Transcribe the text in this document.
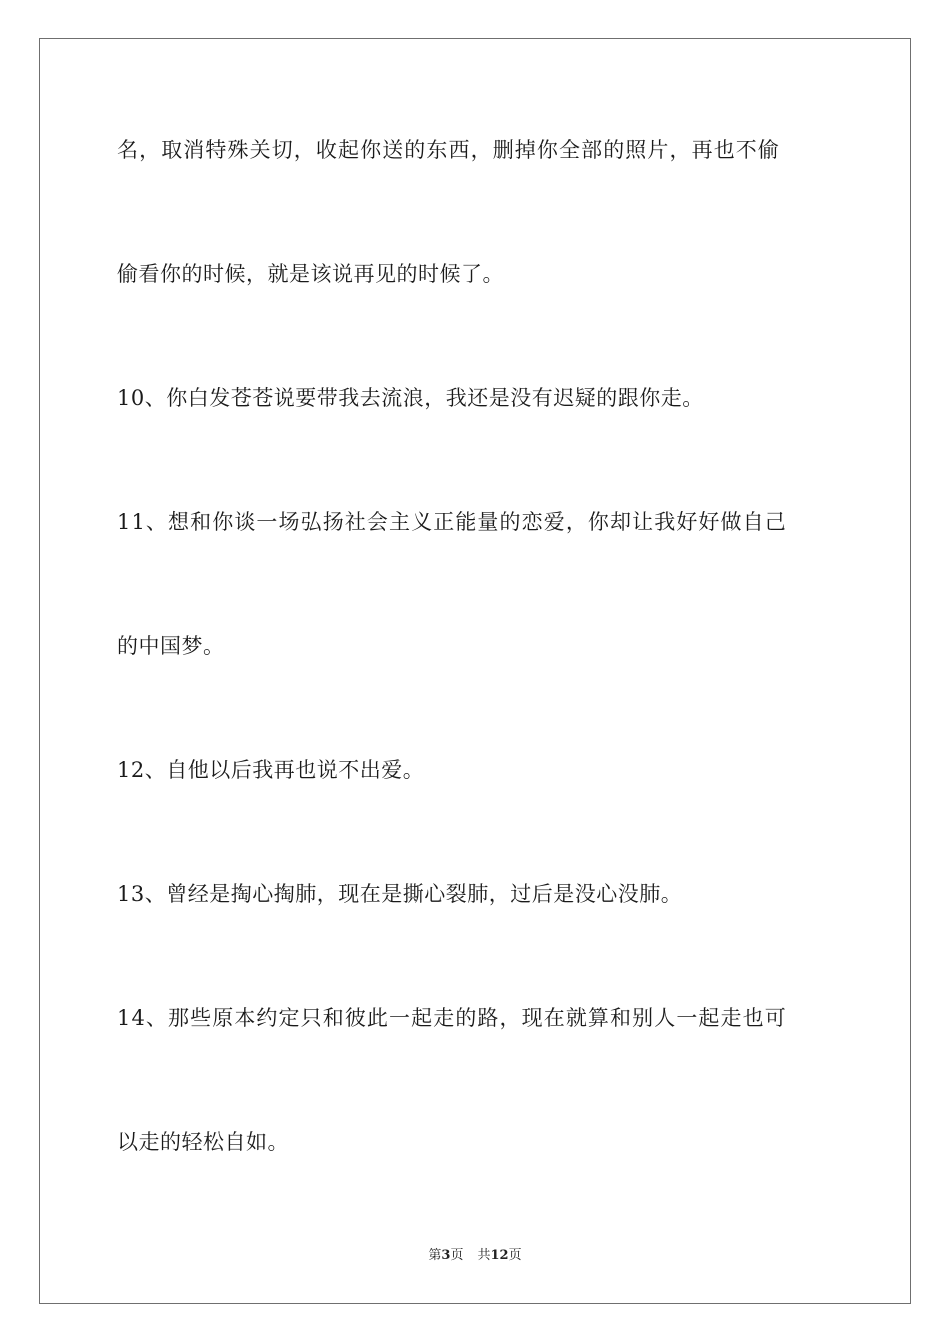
名，取消特殊关切，收起你送的东西，删掉你全部的照片，再也不偷
偷看你的时候，就是该说再见的时候了。
10、你白发苍苍说要带我去流浪，我还是没有迟疑的跟你走。
11、想和你谈一场弘扬社会主义正能量的恋爱，你却让我好好做自己
的中国梦。
12、自他以后我再也说不出爱。
13、曾经是掏心掏肺，现在是撕心裂肺，过后是没心没肺。
14、那些原本约定只和彼此一起走的路，现在就算和别人一起走也可
以走的轻松自如。
第3页 共12页
